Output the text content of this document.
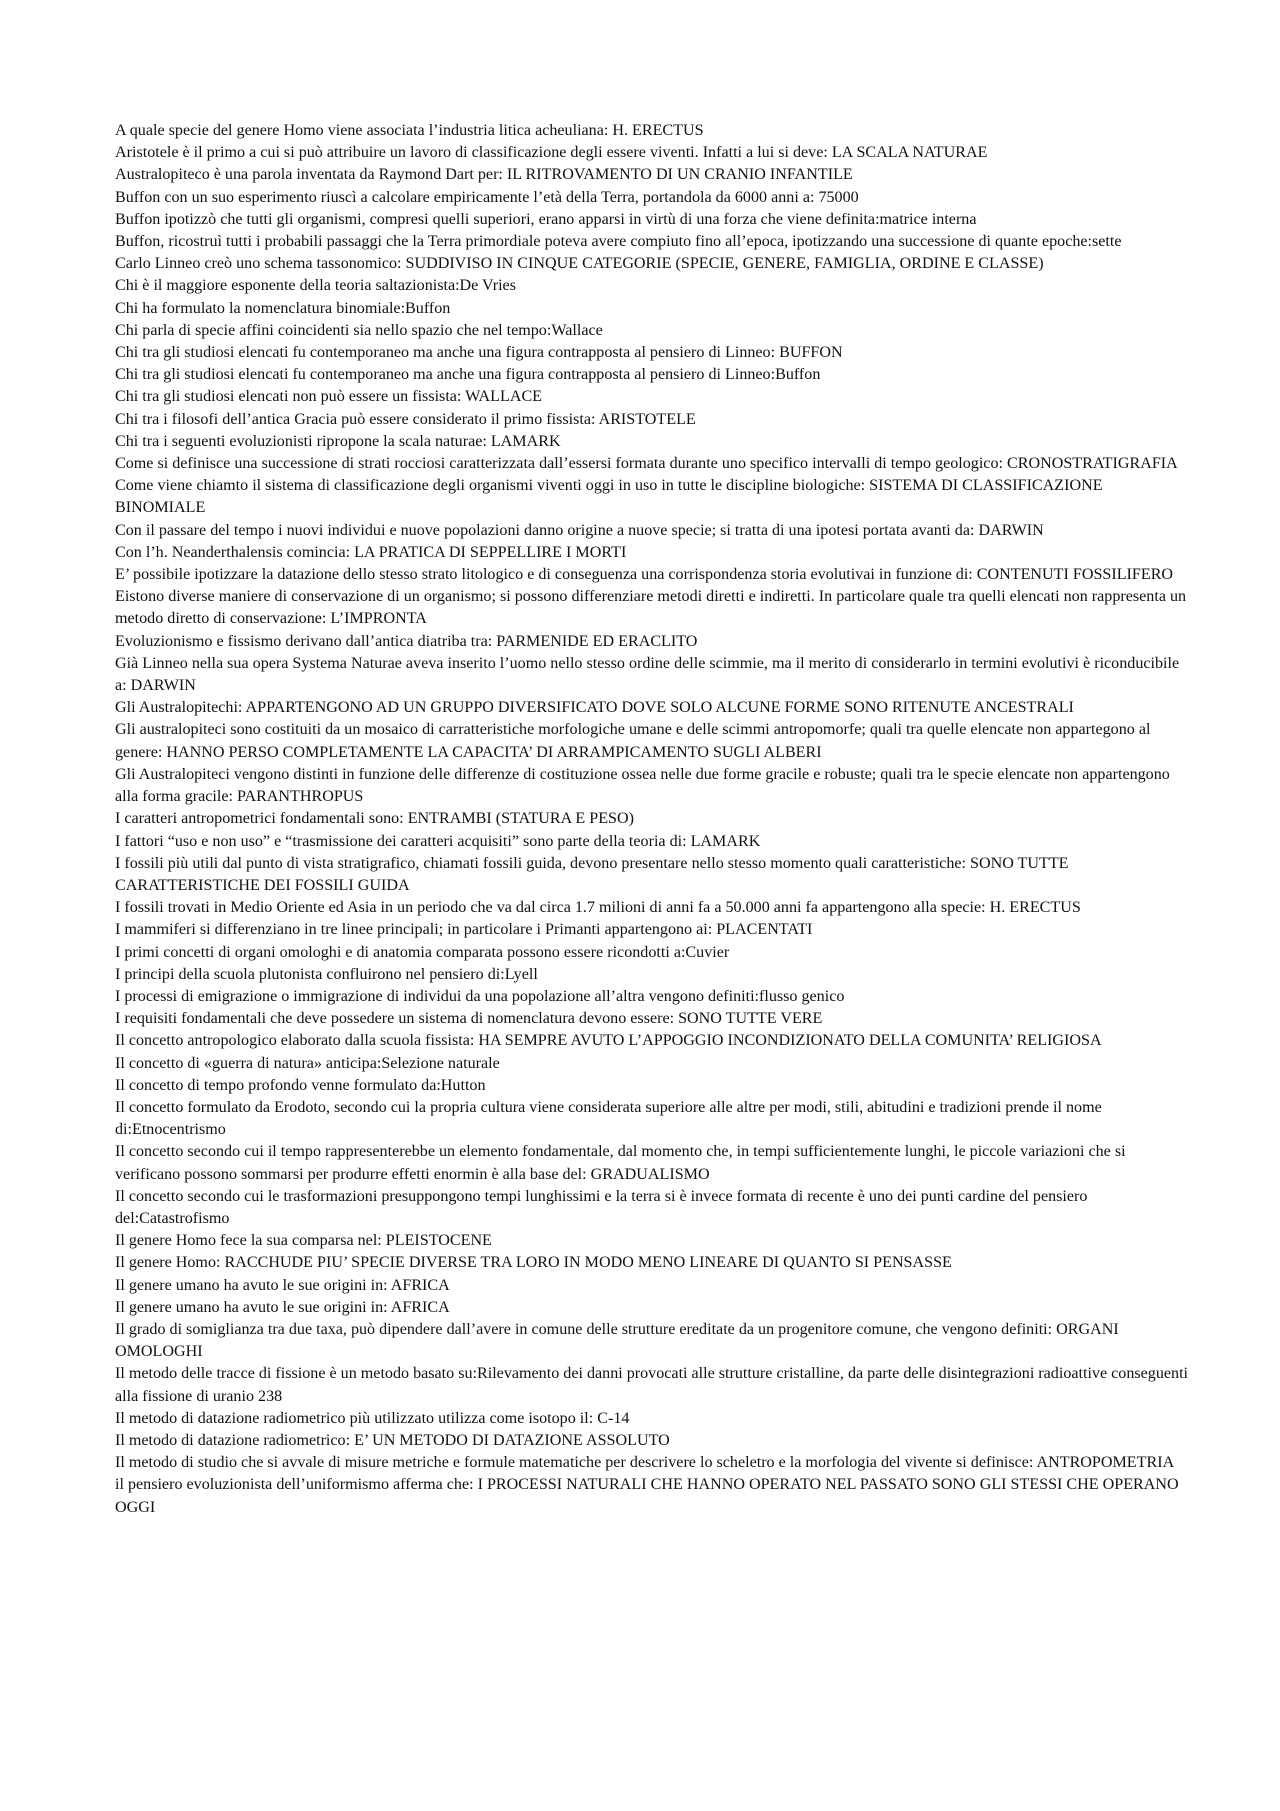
A quale specie del genere Homo viene associata l’industria litica acheuliana: H. ERECTUS

Aristotele è il primo a cui si può attribuire un lavoro di classificazione degli essere viventi. Infatti a lui si deve: LA SCALA NATURAE

Australopiteco è una parola inventata da Raymond Dart per: IL RITROVAMENTO DI UN CRANIO INFANTILE

Buffon con un suo esperimento riuscì a calcolare empiricamente l’età della Terra, portandola da 6000 anni a: 75000

Buffon ipotizzò che tutti gli organismi, compresi quelli superiori, erano apparsi in virtù di una forza che viene definita:matrice interna

Buffon, ricostruì tutti i probabili passaggi che la Terra primordiale poteva avere compiuto fino all’epoca, ipotizzando una successione di quante epoche:sette

Carlo Linneo creò uno schema tassonomico: SUDDIVISO IN CINQUE CATEGORIE (SPECIE, GENERE, FAMIGLIA, ORDINE E CLASSE)

Chi è il maggiore esponente della teoria saltazionista:De Vries

Chi ha formulato la nomenclatura binomiale:Buffon

Chi parla di specie affini coincidenti sia nello spazio che nel tempo:Wallace

Chi tra gli studiosi elencati fu contemporaneo ma anche una figura contrapposta al pensiero di Linneo: BUFFON

Chi tra gli studiosi elencati fu contemporaneo ma anche una figura contrapposta al pensiero di Linneo:Buffon

Chi tra gli studiosi elencati non può essere un fissista: WALLACE

Chi tra i filosofi dell’antica Gracia può essere considerato il primo fissista: ARISTOTELE

Chi tra i seguenti evoluzionisti ripropone la scala naturae: LAMARK

Come si definisce una successione di strati rocciosi caratterizzata dall’essersi formata durante uno specifico intervalli di tempo geologico: CRONOSTRATIGRAFIA

Come viene chiamto il sistema di classificazione degli organismi viventi oggi in uso in tutte le discipline biologiche: SISTEMA DI CLASSIFICAZIONE BINOMIALE

Con il passare del tempo i nuovi individui e nuove popolazioni danno origine a nuove specie; si tratta di una ipotesi portata avanti da: DARWIN

Con l’h. Neanderthalensis comincia: LA PRATICA DI SEPPELLIRE I MORTI

E’ possibile ipotizzare la datazione dello stesso strato litologico e di conseguenza una corrispondenza storia evolutivai in funzione di: CONTENUTI FOSSILIFERO

Eistono diverse maniere di conservazione di un organismo; si possono differenziare metodi diretti e indiretti. In particolare quale tra quelli elencati non rappresenta un metodo diretto di conservazione: L’IMPRONTA

Evoluzionismo e fissismo derivano dall’antica diatriba tra: PARMENIDE ED ERACLITO

Già Linneo nella sua opera Systema Naturae aveva inserito l’uomo nello stesso ordine delle scimmie, ma il merito di considerarlo in termini evolutivi è riconducibile a: DARWIN

Gli Australopitechi: APPARTENGONO AD UN GRUPPO DIVERSIFICATO DOVE SOLO ALCUNE FORME SONO RITENUTE ANCESTRALI

Gli australopiteci sono costituiti da un mosaico di carratteristiche morfologiche umane e delle scimmi antropomorfe; quali tra quelle elencate non appartegono al genere: HANNO PERSO COMPLETAMENTE LA CAPACITA’ DI ARRAMPICAMENTO SUGLI ALBERI

Gli Australopiteci vengono distinti in funzione delle differenze di costituzione ossea nelle due forme gracile e robuste; quali tra le specie elencate non appartengono alla forma gracile: PARANTHROPUS

I caratteri antropometrici fondamentali sono: ENTRAMBI (STATURA E PESO)

I fattori “uso e non uso” e “trasmissione dei caratteri acquisiti” sono parte della teoria di: LAMARK

I fossili più utili dal punto di vista stratigrafico, chiamati fossili guida, devono presentare nello stesso momento quali caratteristiche: SONO TUTTE CARATTERISTICHE DEI FOSSILI GUIDA

I fossili trovati in Medio Oriente ed Asia in un periodo che va dal circa 1.7 milioni di anni fa a 50.000 anni fa appartengono alla specie: H. ERECTUS

I mammiferi si differenziano in tre linee principali; in particolare i Primanti appartengono ai: PLACENTATI

I primi concetti di organi omologhi e di anatomia comparata possono essere ricondotti a:Cuvier

I principi della scuola plutonista confluirono nel pensiero di:Lyell

I processi di emigrazione o immigrazione di individui da una popolazione all’altra vengono definiti:flusso genico

I requisiti fondamentali che deve possedere un sistema di nomenclatura devono essere: SONO TUTTE VERE

Il concetto antropologico elaborato dalla scuola fissista: HA SEMPRE AVUTO L’APPOGGIO INCONDIZIONATO DELLA COMUNITA’ RELIGIOSA

Il concetto di «guerra di natura» anticipa:Selezione naturale

Il concetto di tempo profondo venne formulato da:Hutton

Il concetto formulato da Erodoto, secondo cui la propria cultura viene considerata superiore alle altre per modi, stili, abitudini e tradizioni prende il nome di:Etnocentrismo

Il concetto secondo cui il tempo rappresenterebbe un elemento fondamentale, dal momento che, in tempi sufficientemente lunghi, le piccole variazioni che si verificano possono sommarsi per produrre effetti enormin è alla base del: GRADUALISMO

Il concetto secondo cui le trasformazioni presuppongono tempi lunghissimi e la terra si è invece formata di recente è uno dei punti cardine del pensiero del:Catastrofismo

Il genere Homo fece la sua comparsa nel: PLEISTOCENE

Il genere Homo: RACCHUDE PIU’ SPECIE DIVERSE TRA LORO IN MODO MENO LINEARE DI QUANTO SI PENSASSE

Il genere umano ha avuto le sue origini in: AFRICA

Il genere umano ha avuto le sue origini in: AFRICA

Il grado di somiglianza tra due taxa, può dipendere dall’avere in comune delle strutture ereditate da un progenitore comune, che vengono definiti: ORGANI OMOLOGHI

Il metodo delle tracce di fissione è un metodo basato su:Rilevamento dei danni provocati alle strutture cristalline, da parte delle disintegrazioni radioattive conseguenti alla fissione di uranio 238

Il metodo di datazione radiometrico più utilizzato utilizza come isotopo il: C-14

Il metodo di datazione radiometrico: E’ UN METODO DI DATAZIONE ASSOLUTO

Il metodo di studio che si avvale di misure metriche e formule matematiche per descrivere lo scheletro e la morfologia del vivente si definisce: ANTROPOMETRIA

il pensiero evoluzionista dell’uniformismo afferma che: I PROCESSI NATURALI CHE HANNO OPERATO NEL PASSATO SONO GLI STESSI CHE OPERANO OGGI
